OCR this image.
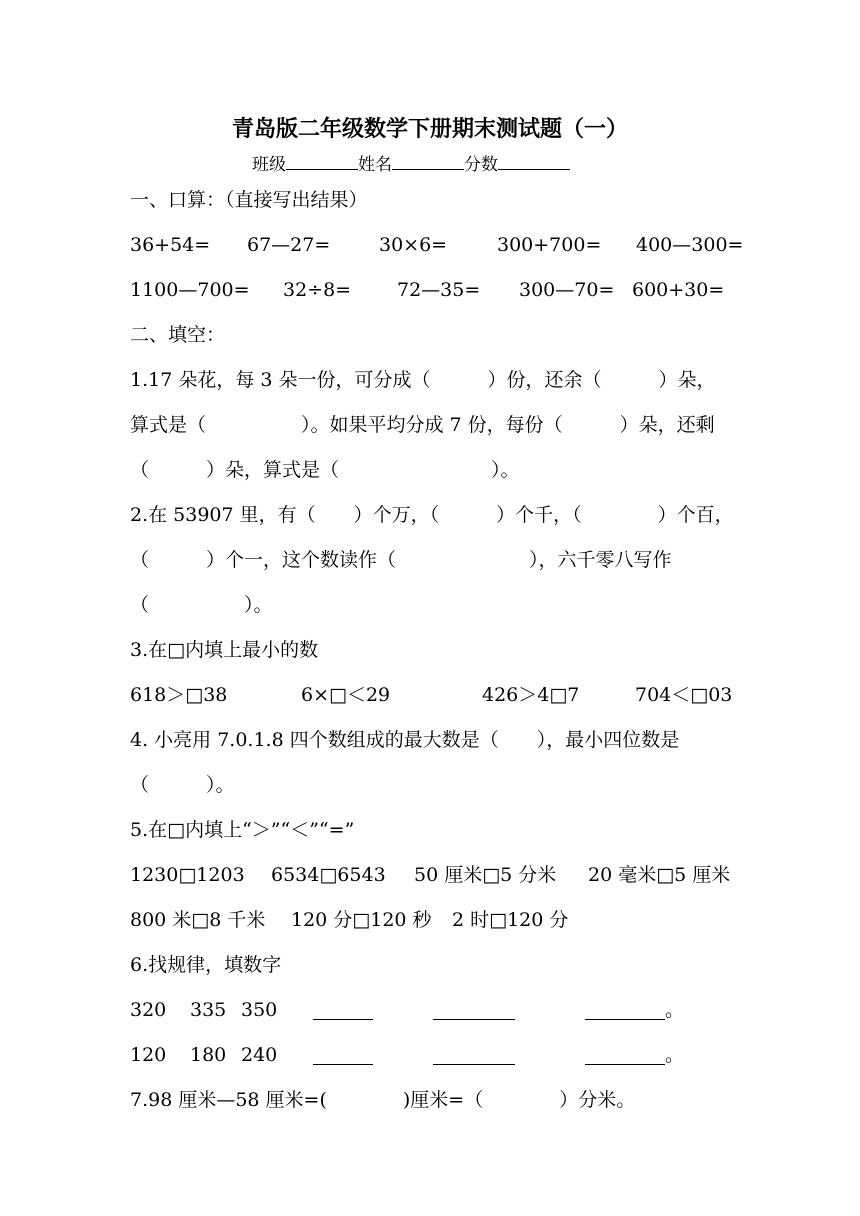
青岛版二年级数学下册期末测试题（一）
班级	姓名	分数
一、口算：（直接写出结果）
36+54= 67—27=	30×6=	300+700= 400—300=
1100—700= 32÷8= 72—35= 300—70= 600+30=
二、填空：
1.17 朵花，每 3 朵一份，可分成（　　　）份，还余（　　　）朵，
算式是（　　　　　）。如果平均分成 7 份，每份（　　　）朵，还剩
（　　　）朵，算式是（　　　　　　　　）。
2.在 53907 里，有（　　）个万，（　　　）个千，（　　　　）个百，
（　　　）个一，这个数读作（　　　　　　　），六千零八写作
（　　　　　）。
3.在□内填上最小的数
618＞□38	6×□＜29	426＞4□7	704＜□03
4. 小亮用 7.0.1.8 四个数组成的最大数是（　　），最小四位数是
（　　　）。
5.在□内填上“＞”“＜”“=”
1230□1203 6534□6543 50 厘米□5 分米 20 毫米□5 厘米
800 米□8 千米 120 分□120 秒 2 时□120 分
6.找规律，填数字
320 335 350	。
120 180 240	。
7.98 厘米—58 厘米=(　　　　)厘米=（　　　　）分米。
